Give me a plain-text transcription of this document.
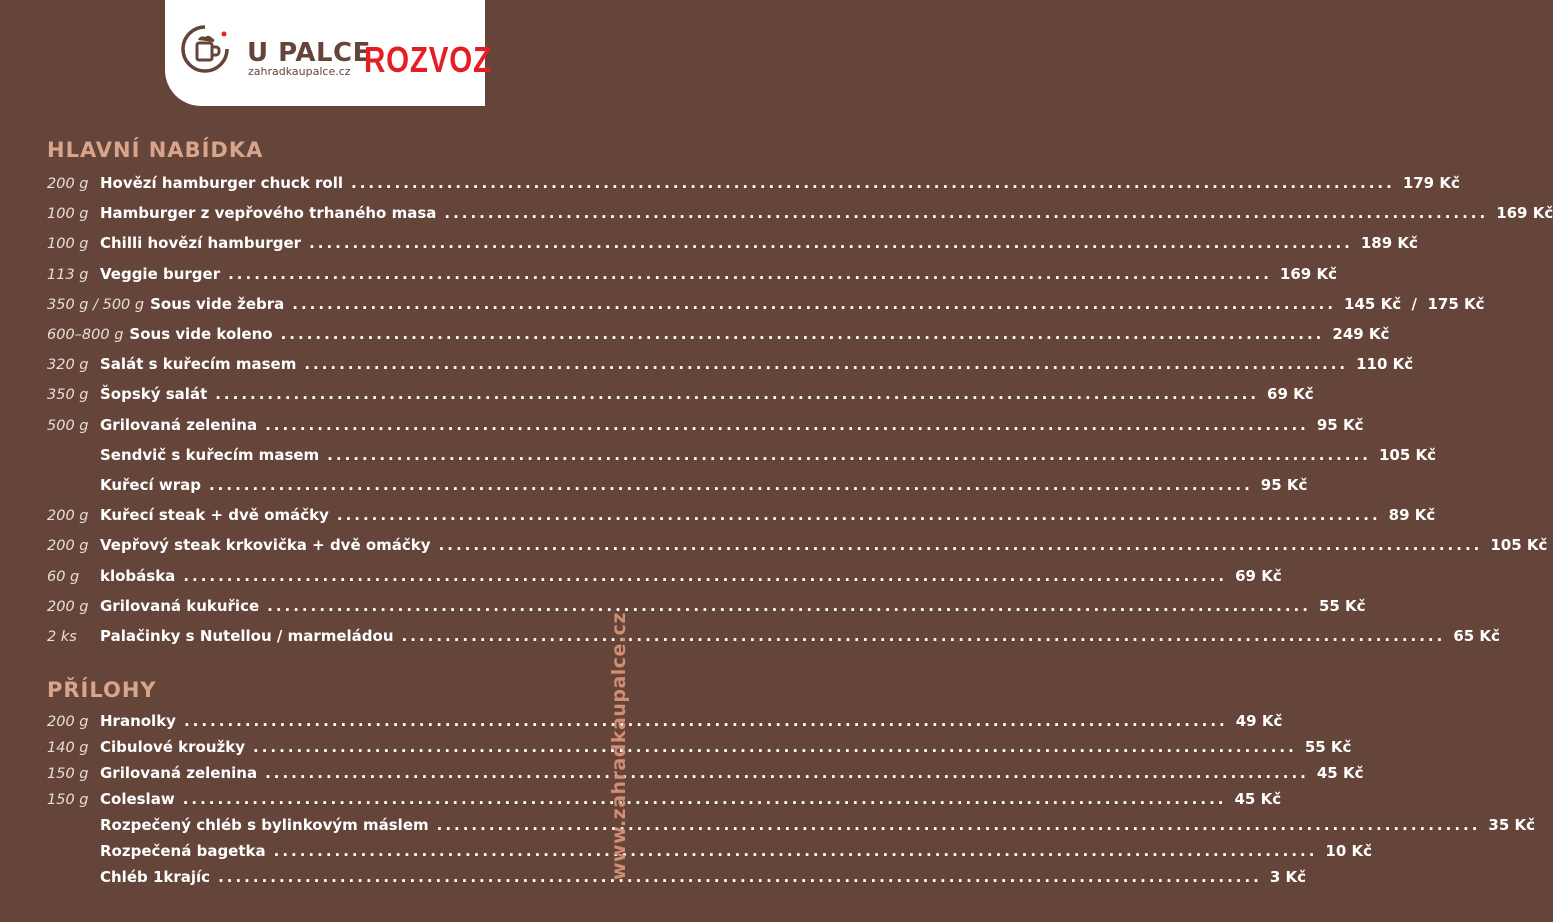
U PALCE
zahradkaupalce.cz ROZVOZ
HLAVNÍ NABÍDKA
200 g Hovězí hamburger chuck roll ........................................................................................................................ 179 Kč
100 g Hamburger z vepřového trhaného masa ........................................................................................................................ 169 Kč
100 g Chilli hovězí hamburger ........................................................................................................................ 189 Kč
113 g Veggie burger ........................................................................................................................ 169 Kč
350 g / 500 g Sous vide žebra ........................................................................................................................ 145 Kč  /  175 Kč
600–800 g Sous vide koleno ........................................................................................................................ 249 Kč
320 g Salát s kuřecím masem ........................................................................................................................ 110 Kč
350 g Šopský salát ........................................................................................................................ 69 Kč
500 g Grilovaná zelenina ........................................................................................................................ 95 Kč
Sendvič s kuřecím masem ........................................................................................................................ 105 Kč
Kuřecí wrap ........................................................................................................................ 95 Kč
200 g Kuřecí steak + dvě omáčky ........................................................................................................................ 89 Kč
200 g Vepřový steak krkovička + dvě omáčky ........................................................................................................................ 105 Kč
60 g	klobáska ........................................................................................................................ 69 Kč
200 g Grilovaná kukuřice ........................................................................................................................ 55 Kč
2 ks	Palačinky s Nutellou / marmeládou ........................................................................................................................ 65 Kč
PŘÍLOHY
200 g Hranolky ........................................................................................................................ 49 Kč
140 g Cibulové kroužky ........................................................................................................................ 55 Kč
150 g Grilovaná zelenina ........................................................................................................................ 45 Kč
150 g Coleslaw ........................................................................................................................ 45 Kč
Rozpečený chléb s bylinkovým máslem ........................................................................................................................ 35 Kč
Rozpečená bagetka ........................................................................................................................ 10 Kč
Chléb 1krajíc ........................................................................................................................ 3 Kč
www.zahradkaupalce.cz
